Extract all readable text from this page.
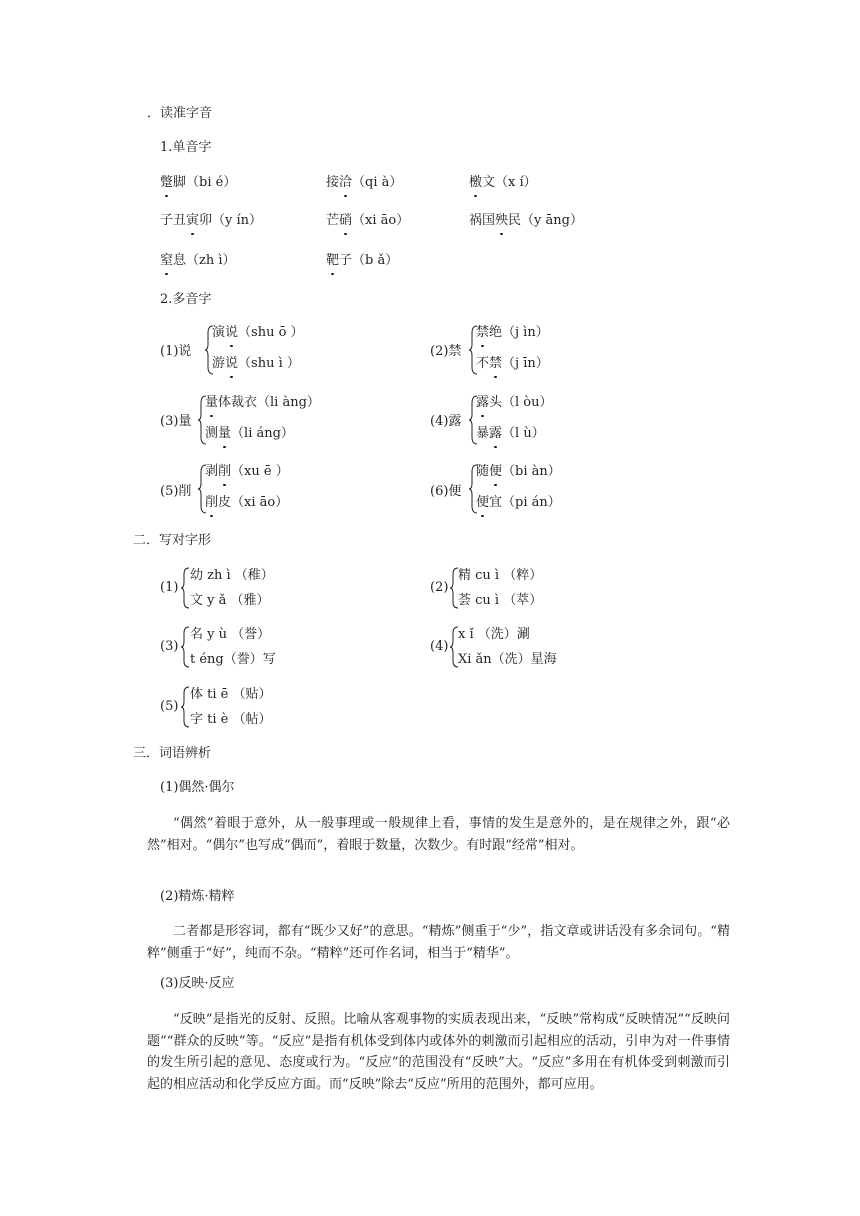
．读准字音
1.单音字
蹩脚（bi é）	接洽（qi à）	檄文（x í）
子丑寅卯（y ín）	芒硝（xi āo）	祸国殃民（y āng）
窒息（zh ì）	靶子（b ǎ）
2.多音字
(1)说
演说（shu ō ）
游说（shu ì ）
(2)禁
禁绝（j ìn）
不禁（j īn）
(3)量
量体裁衣（li àng）
测量（li áng）
(4)露
露头（l òu）
暴露（l ù）
(5)削
剥削（xu ē ）
削皮（xi āo）
(6)便
随便（bi àn）
便宜（pi án）
二．写对字形
(1)
幼 zh ì （稚）
文 y ǎ （雅）
(2)
精 cu ì （粹）
荟 cu ì （萃）
(3)
名 y ù （誉）
t éng（誊）写
(4)
x ǐ （洗）涮
Xi ǎn（冼）星海
(5)
体 ti ē （贴）
字 ti è （帖）
三．词语辨析
(1)偶然·偶尔
“偶然”着眼于意外，从一般事理或一般规律上看，事情的发生是意外的，是在规律之外，跟“必然”相对。“偶尔”也写成“偶而”，着眼于数量，次数少。有时跟“经常”相对。
(2)精炼·精粹
二者都是形容词，都有“既少又好”的意思。“精炼”侧重于“少”，指文章或讲话没有多余词句。“精粹”侧重于“好”，纯而不杂。“精粹”还可作名词，相当于“精华”。
(3)反映·反应
“反映”是指光的反射、反照。比喻从客观事物的实质表现出来，“反映”常构成“反映情况”“反映问题”“群众的反映”等。“反应”是指有机体受到体内或体外的刺激而引起相应的活动，引申为对一件事情的发生所引起的意见、态度或行为。“反应”的范围没有“反映”大。“反应”多用在有机体受到刺激而引起的相应活动和化学反应方面。而“反映”除去“反应”所用的范围外，都可应用。
